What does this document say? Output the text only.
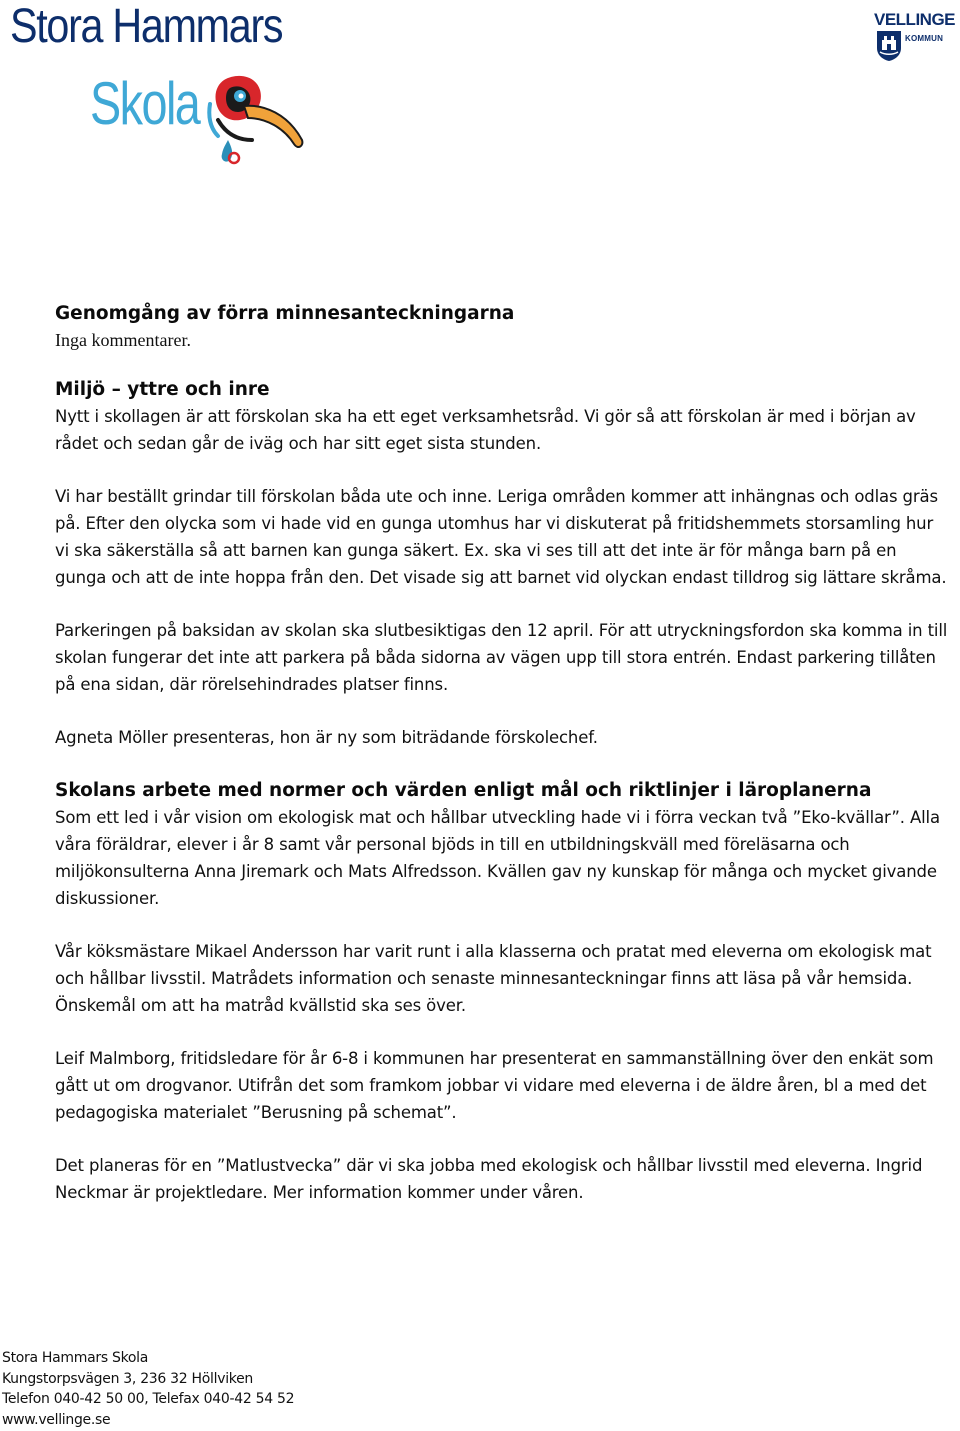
Stora Hammars
Skola
VELLINGE
KOMMUN
Genomgång av förra minnesanteckningarna

Inga kommentarer.

Miljö – yttre och inre

Nytt i skollagen är att förskolan ska ha ett eget verksamhetsråd. Vi gör så att förskolan är med i början av rådet och sedan går de iväg och har sitt eget sista stunden.

Vi har beställt grindar till förskolan båda ute och inne. Leriga områden kommer att inhängnas och odlas gräs på. Efter den olycka som vi hade vid en gunga utomhus har vi diskuterat på fritidshemmets storsamling hur vi ska säkerställa så att barnen kan gunga säkert. Ex. ska vi ses till att det inte är för många barn på en gunga och att de inte hoppa från den. Det visade sig att barnet vid olyckan endast tilldrog sig lättare skråma.

Parkeringen på baksidan av skolan ska slutbesiktigas den 12 april. För att utryckningsfordon ska komma in till skolan fungerar det inte att parkera på båda sidorna av vägen upp till stora entrén. Endast parkering tillåten på ena sidan, där rörelsehindrades platser finns.

Agneta Möller presenteras, hon är ny som biträdande förskolechef.

Skolans arbete med normer och värden enligt mål och riktlinjer i läroplanerna

Som ett led i vår vision om ekologisk mat och hållbar utveckling hade vi i förra veckan två ”Eko-kvällar”. Alla våra föräldrar, elever i år 8 samt vår personal bjöds in till en utbildningskväll med föreläsarna och miljökonsulterna Anna Jiremark och Mats Alfredsson. Kvällen gav ny kunskap för många och mycket givande diskussioner.

Vår köksmästare Mikael Andersson har varit runt i alla klasserna och pratat med eleverna om ekologisk mat och hållbar livsstil. Matrådets information och senaste minnesanteckningar finns att läsa på vår hemsida. Önskemål om att ha matråd kvällstid ska ses över.

Leif Malmborg, fritidsledare för år 6-8 i kommunen har presenterat en sammanställning över den enkät som gått ut om drogvanor. Utifrån det som framkom jobbar vi vidare med eleverna i de äldre åren, bl a med det pedagogiska materialet ”Berusning på schemat”.

Det planeras för en ”Matlustvecka” där vi ska jobba med ekologisk och hållbar livsstil med eleverna. Ingrid Neckmar är projektledare. Mer information kommer under våren.

Stora Hammars Skola
Kungstorpsvägen 3, 236 32 Höllviken
Telefon 040-42 50 00, Telefax 040-42 54 52
www.vellinge.se
